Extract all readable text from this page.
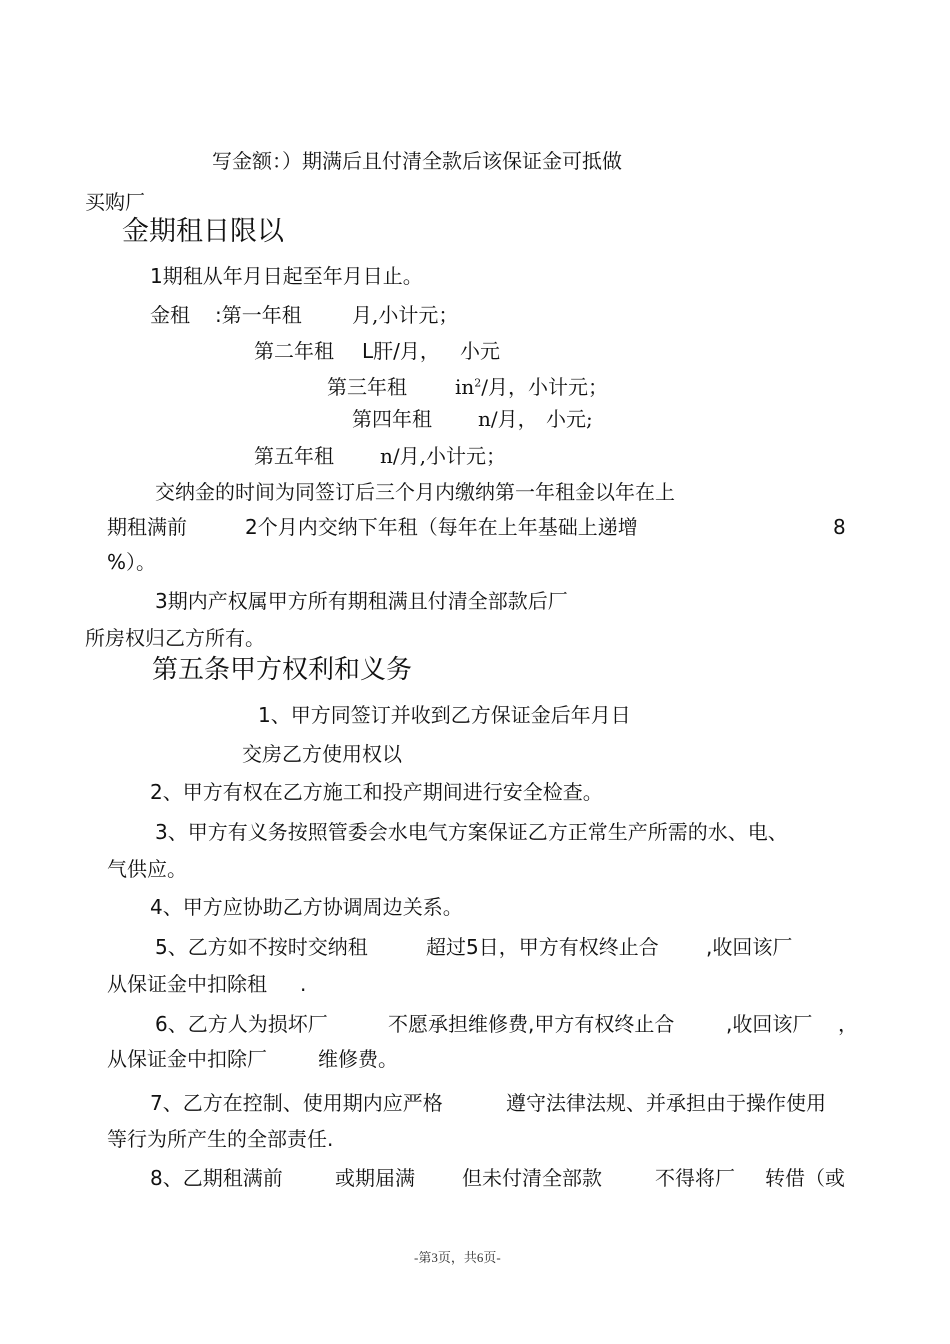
写金额：）期满后且付清全款后该保证金可抵做

买购厂

金期租日限以

1期租从年月日起至年月日止。

金租 :第一年租	月,小计元；

第二年租 L肝/月， 小元

第三年租 $in^2/$月，小计元；

第四年租 n/月， 小元;

第五年租 n/月,小计元；

交纳金的时间为同签订后三个月内缴纳第一年租金以年在上

期租满前	2个月内交纳下年租（每年在上年基础上递增	8

%）。

3期内产权属甲方所有期租满且付清全部款后厂

所房权归乙方所有。

第五条甲方权利和义务

1、甲方同签订并收到乙方保证金后年月日

交房乙方使用权以

2、甲方有权在乙方施工和投产期间进行安全检查。

3、甲方有义务按照管委会水电气方案保证乙方正常生产所需的水、电、

气供应。

4、甲方应协助乙方协调周边关系。

5、乙方如不按时交纳租	超过5日，甲方有权终止合 ,收回该厂

从保证金中扣除租 .

6、乙方人为损坏厂	不愿承担维修费,甲方有权终止合	,收回该厂 ，

从保证金中扣除厂	维修费。

7、乙方在控制、使用期内应严格	遵守法律法规、并承担由于操作使用

等行为所产生的全部责任.

8、乙期租满前	或期届满 但未付清全部款	不得将厂 转借（或

-第3页，共6页-
